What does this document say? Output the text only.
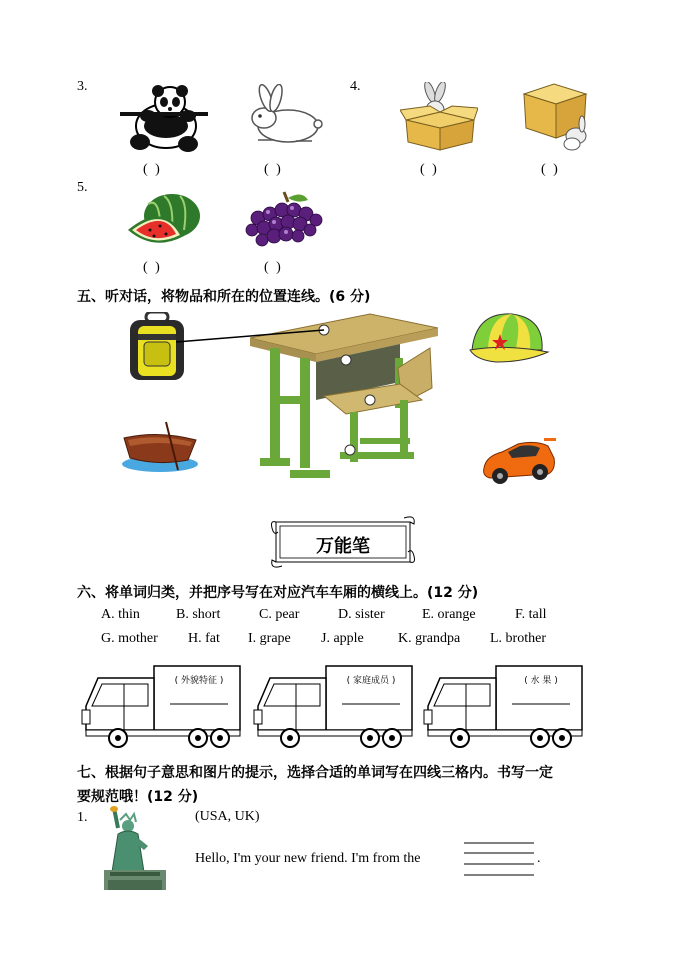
3.
( )	( )
4.
( )	( )
5.
( )	( )
五、听对话，将物品和所在的位置连线。(6 分)
万能笔
六、将单词归类，并把序号写在对应汽车车厢的横线上。(12 分)
A. thin	B. short	C. pear	D. sister	E. orange	F. tall
G. mother H. fat I. grape J. apple K. grandpa L. brother
( 外貌特征 )	( 家庭成员 )	( 水 果 )
七、根据句子意思和图片的提示，选择合适的单词写在四线三格内。书写一定
要规范哦！(12 分)
1.	(USA, UK)
Hello, I'm your new friend. I'm from the	.
